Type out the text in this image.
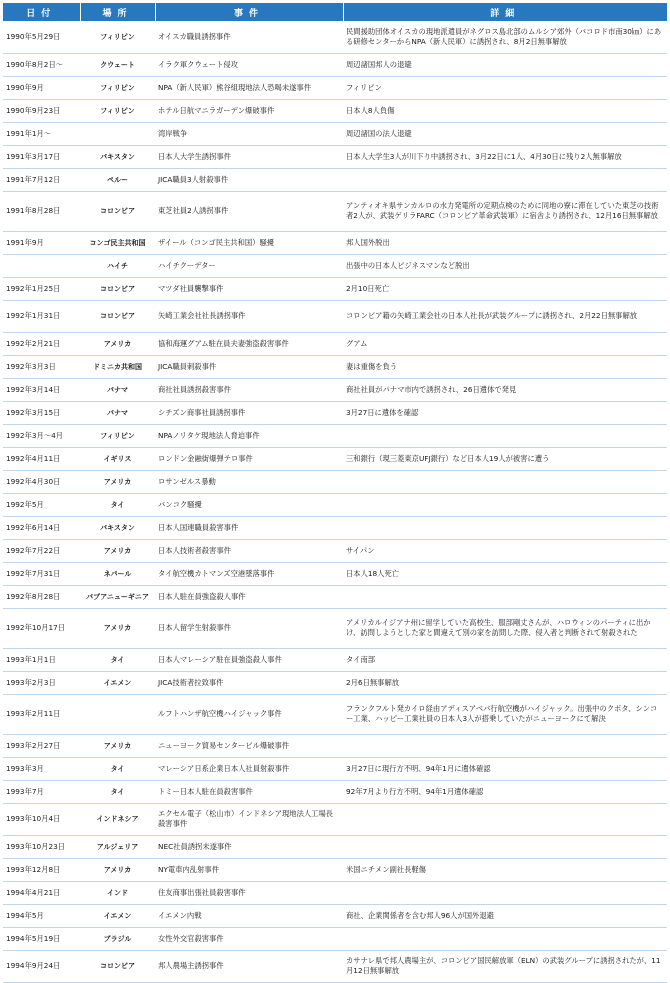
日付	場所	事件	詳細
1990年5月29日	フィリピン	オイスカ職員誘拐事件	民間援助団体オイスカの現地派遣員がネグロス島北部のムルシア郊外（バコロド市南30㎞）にある研修センターからNPA（新人民軍）に誘拐され、8月2日無事解放
1990年8月2日～	クウェート	イラク軍クウェート侵攻	周辺諸国邦人の退避
1990年9月	フィリピン	NPA（新人民軍）熊谷組現地法人恐喝未遂事件	フィリピン
1990年9月23日	フィリピン	ホテル日航マニラガーデン爆破事件	日本人8人負傷
1991年1月～		湾岸戦争	周辺諸国の法人退避
1991年3月17日	パキスタン	日本人大学生誘拐事件	日本人大学生3人が川下り中誘拐され、3月22日に1人、4月30日に残り2人無事解放
1991年7月12日	ペルー	JICA職員3人射殺事件	
1991年8月28日	コロンビア	東芝社員2人誘拐事件	アンティオキ県サンカルロの水力発電所の定期点検のために同地の寮に滞在していた東芝の技術者2人が、武装ゲリラFARC（コロンビア革命武装軍）に宿舎より誘拐され、12月16日無事解放
1991年9月	コンゴ民主共和国	ザイール（コンゴ民主共和国）騒擾	邦人国外脱出
	ハイチ	ハイチクーデター	出張中の日本人ビジネスマンなど脱出
1992年1月25日	コロンビア	マツダ社員襲撃事件	2月10日死亡
1992年1月31日	コロンビア	矢崎工業会社社長誘拐事件	コロンビア籍の矢崎工業会社の日本人社長が武装グループに誘拐され、2月22日無事解放
1992年2月21日	アメリカ	協和海運グアム駐在員夫妻強盗殺害事件	グアム
1992年3月3日	ドミニカ共和国	JICA職員刺殺事件	妻は重傷を負う
1992年3月14日	パナマ	商社社員誘拐殺害事件	商社社員がパナマ市内で誘拐され、26日遺体で発見
1992年3月15日	パナマ	シチズン商事社員誘拐事件	3月27日に遺体を確認
1992年3月～4月	フィリピン	NPAノリタケ現地法人脅迫事件	
1992年4月11日	イギリス	ロンドン金融街爆弾テロ事件	三和銀行（現三菱東京UFJ銀行）など日本人19人が被害に遭う
1992年4月30日	アメリカ	ロサンゼルス暴動	
1992年5月	タイ	バンコク騒擾	
1992年6月14日	パキスタン	日本人国連職員殺害事件	
1992年7月22日	アメリカ	日本人技術者殺害事件	サイパン
1992年7月31日	ネパール	タイ航空機カトマンズ空港墜落事件	日本人18人死亡
1992年8月28日	パプアニューギニア	日本人駐在員強盗殺人事件	
1992年10月17日	アメリカ	日本人留学生射殺事件	アメリカルイジアナ州に留学していた高校生、服部剛丈さんが、ハロウィンのパーティに出かけ、訪問しようとした家と間違えて別の家を訪問した際、侵入者と判断されて射殺された
1993年1月1日	タイ	日本人マレーシア駐在員強盗殺人事件	タイ南部
1993年2月3日	イエメン	JICA技術者拉致事件	2月6日無事解放
1993年2月11日		ルフトハンザ航空機ハイジャック事件	フランクフルト発カイロ経由アディスアベバ行航空機がハイジャック。出張中のクボタ、シンコー工業、ハッピー工業社員の日本人3人が搭乗していたがニューヨークにて解決
1993年2月27日	アメリカ	ニューヨーク貿易センタービル爆破事件	
1993年3月	タイ	マレーシア日系企業日本人社員射殺事件	3月27日に現行方不明、94年1月に遺体確認
1993年7月	タイ	トミー日本人駐在員殺害事件	92年7月より行方不明、94年1月遺体確認
1993年10月4日	インドネシア	エクセル電子（松山市）インドネシア現地法人工場長殺害事件	
1993年10月23日	アルジェリア	NEC社員誘拐未遂事件	
1993年12月8日	アメリカ	NY電車内乱射事件	米国ニチメン副社長軽傷
1994年4月21日	インド	住友商事出張社員殺害事件	
1994年5月	イエメン	イエメン内戦	商社、企業関係者を含む邦人96人が国外退避
1994年5月19日	ブラジル	女性外交官殺害事件	
1994年9月24日	コロンビア	邦人農場主誘拐事件	カサナレ県で邦人農場主が、コロンビア国民解放軍（ELN）の武装グループに誘拐されたが、11月12日無事解放
